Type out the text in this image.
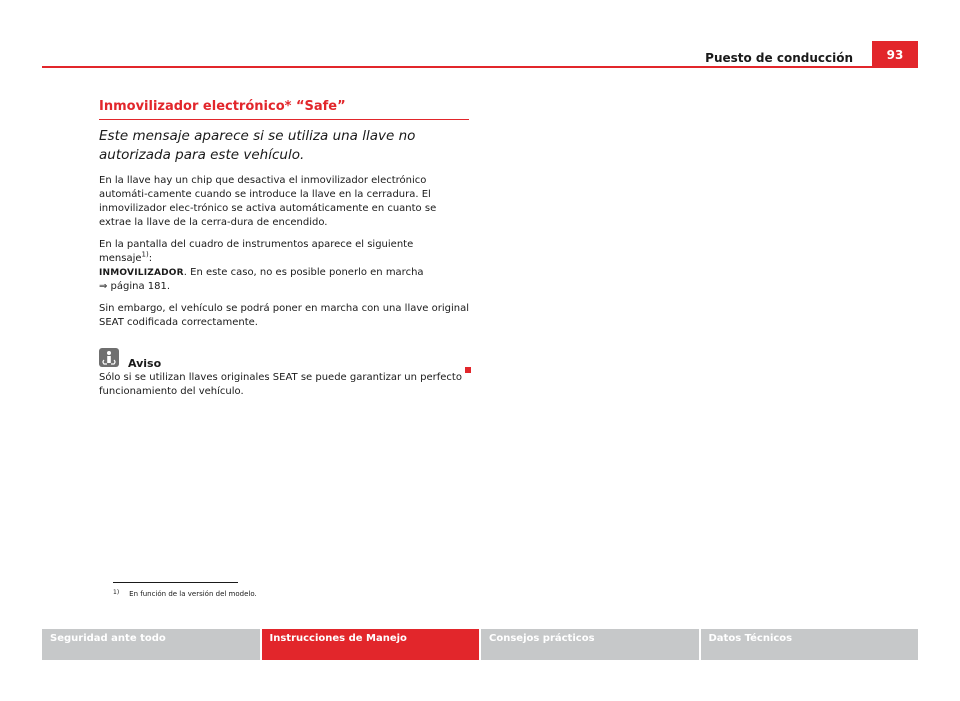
Puesto de conducción	93
Inmovilizador electrónico* “Safe”

Este mensaje aparece si se utiliza una llave no autorizada para este vehículo.

En la llave hay un chip que desactiva el inmovilizador electrónico automáti-camente cuando se introduce la llave en la cerradura. El inmovilizador elec-trónico se activa automáticamente en cuanto se extrae la llave de la cerra-dura de encendido.

En la pantalla del cuadro de instrumentos aparece el siguiente mensaje$^{1)}$:
INMOVILIZADOR. En este caso, no es posible ponerlo en marcha
⇒ página 181.

Sin embargo, el vehículo se podrá poner en marcha con una llave original SEAT codificada correctamente.

Aviso

Sólo si se utilizan llaves originales SEAT se puede garantizar un perfecto funcionamiento del vehículo.

1) En función de la versión del modelo.
Seguridad ante todo	Instrucciones de Manejo	Consejos prácticos	Datos Técnicos
